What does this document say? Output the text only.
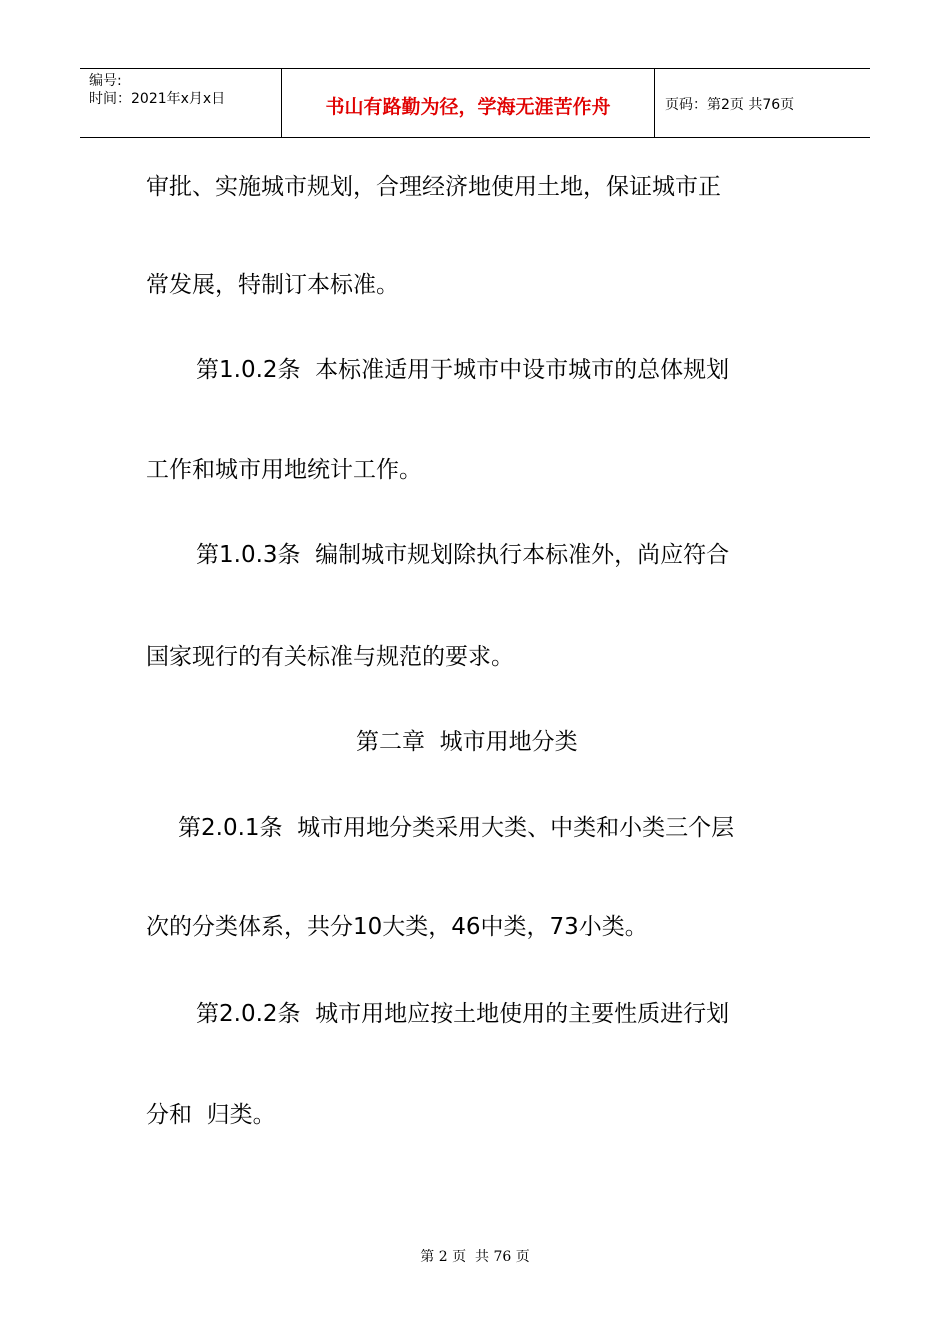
编号:
时间：2021年x月x日	书山有路勤为径，学海无涯苦作舟	页码：第2页 共76页
审批、实施城市规划，合理经济地使用土地，保证城市正
常发展，特制订本标准。
第1.0.2条  本标准适用于城市中设市城市的总体规划
工作和城市用地统计工作。
第1.0.3条  编制城市规划除执行本标准外，尚应符合
国家现行的有关标准与规范的要求。
第二章  城市用地分类
第2.0.1条  城市用地分类采用大类、中类和小类三个层
次的分类体系，共分10大类，46中类，73小类。
第2.0.2条  城市用地应按土地使用的主要性质进行划
分和  归类。
第 2 页  共 76 页
